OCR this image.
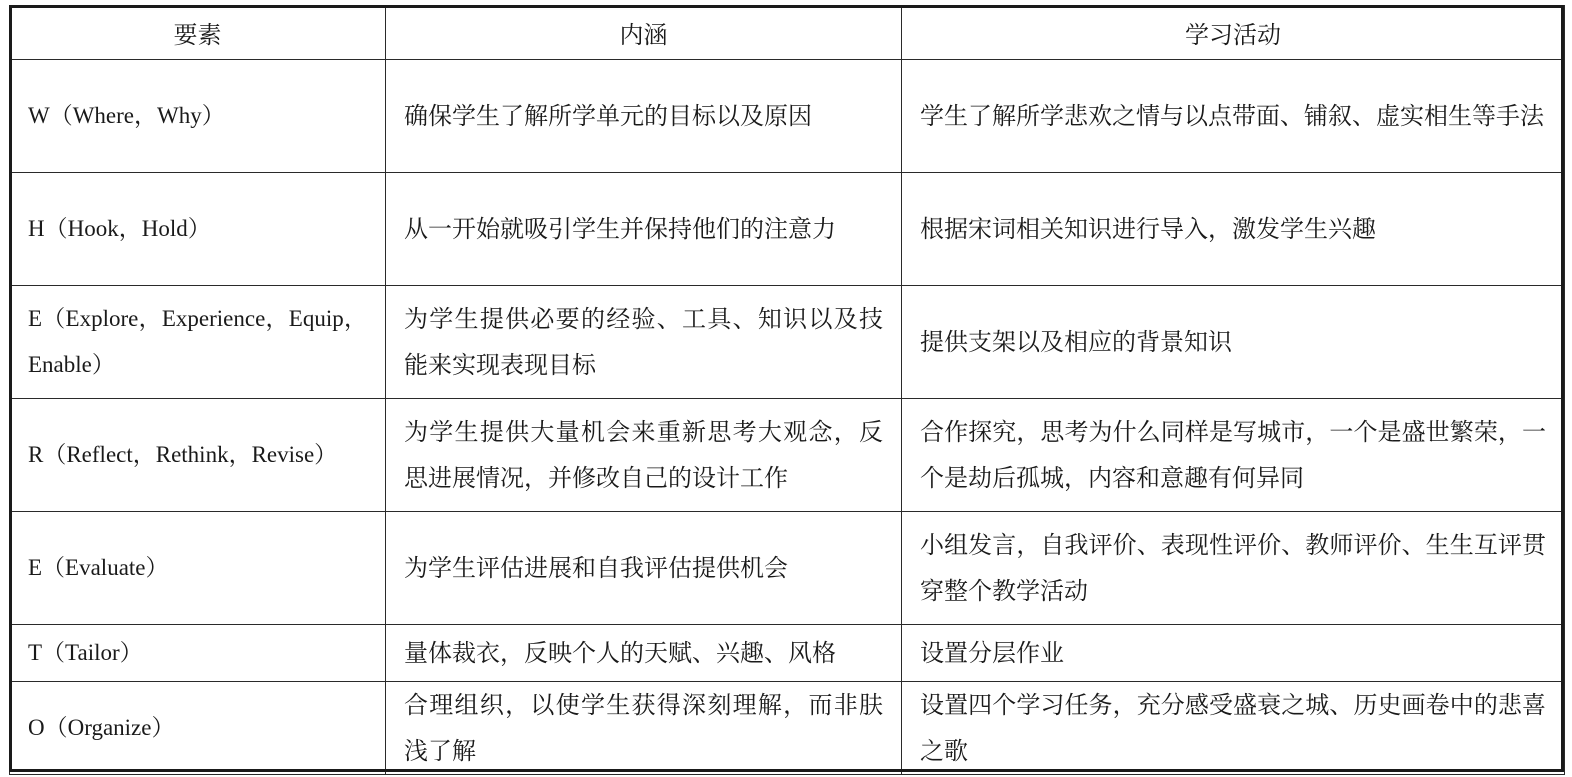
要素	内涵	学习活动
W（Where，Why）	确保学生了解所学单元的目标以及原因	学生了解所学悲欢之情与以点带面、铺叙、虚实相生等手法
H（Hook，Hold）	从一开始就吸引学生并保持他们的注意力	根据宋词相关知识进行导入，激发学生兴趣
E（Explore，Experience，Equip，Enable）	为学生提供必要的经验、工具、知识以及技能来实现表现目标	提供支架以及相应的背景知识
R（Reflect，Rethink，Revise）	为学生提供大量机会来重新思考大观念，反思进展情况，并修改自己的设计工作	合作探究，思考为什么同样是写城市，一个是盛世繁荣，一个是劫后孤城，内容和意趣有何异同
E（Evaluate）	为学生评估进展和自我评估提供机会	小组发言，自我评价、表现性评价、教师评价、生生互评贯穿整个教学活动
T（Tailor）	量体裁衣，反映个人的天赋、兴趣、风格	设置分层作业
O（Organize）	合理组织，以使学生获得深刻理解，而非肤浅了解	设置四个学习任务，充分感受盛衰之城、历史画卷中的悲喜之歌
